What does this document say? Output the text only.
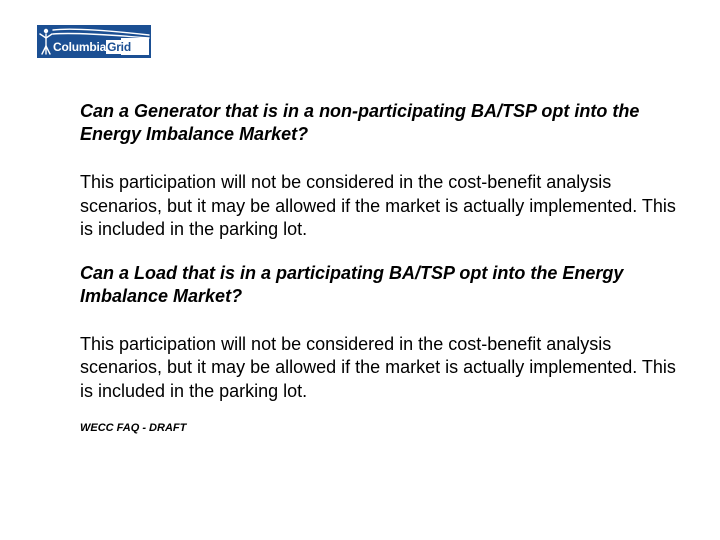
ColumbiaGrid

Can a Generator that is in a non-participating BA/TSP opt into the Energy Imbalance Market?

This participation will not be considered in the cost-benefit analysis scenarios, but it may be allowed if the market is actually implemented. This is included in the parking lot.

Can a Load that is in a participating BA/TSP opt into the Energy Imbalance Market?

This participation will not be considered in the cost-benefit analysis scenarios, but it may be allowed if the market is actually implemented. This is included in the parking lot.

WECC FAQ - DRAFT
